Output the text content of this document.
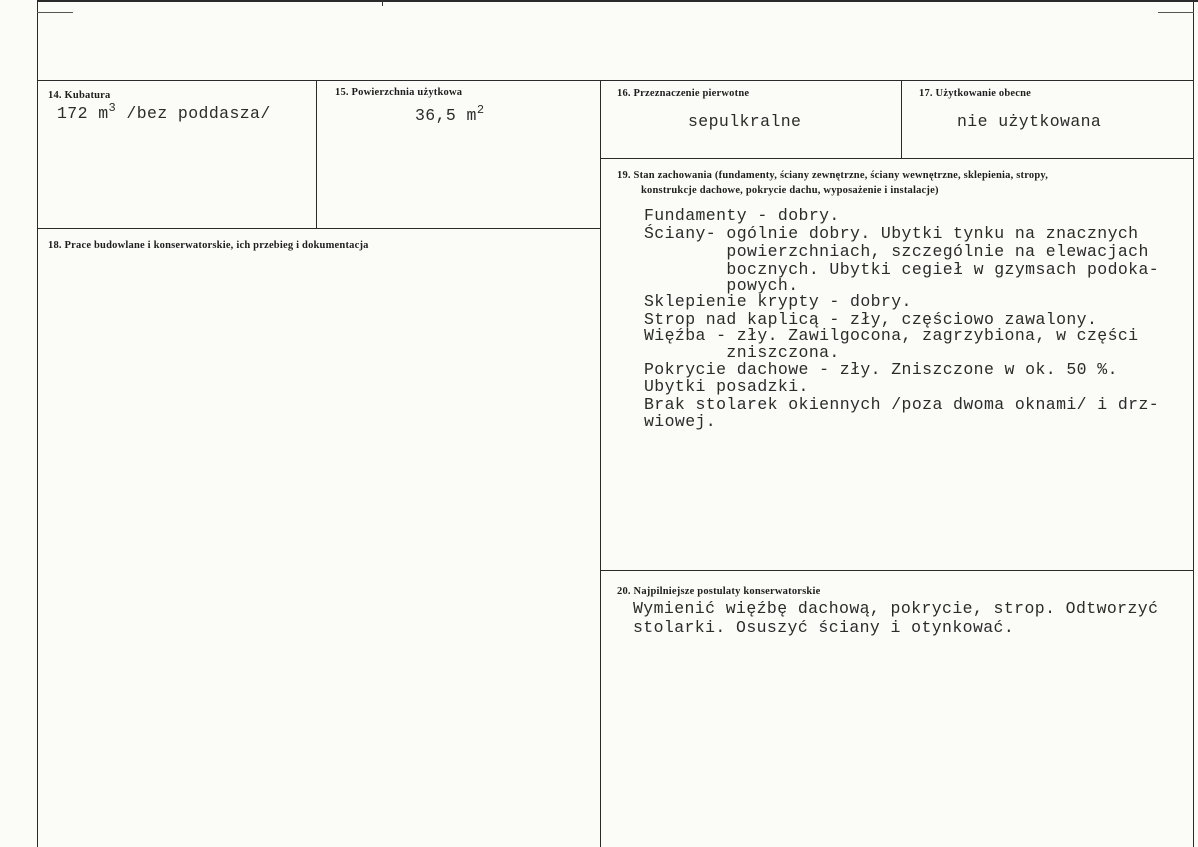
14. Kubatura
172 $m^3$ /bez poddasza/
15. Powierzchnia użytkowa
36,5 $m^2$
16. Przeznaczenie pierwotne
sepulkralne
17. Użytkowanie obecne
nie użytkowana
18. Prace budowlane i konserwatorskie, ich przebieg i dokumentacja
19. Stan zachowania (fundamenty, ściany zewnętrzne, ściany wewnętrzne, sklepienia, stropy,
konstrukcje dachowe, pokrycie dachu, wyposażenie i instalacje)
Fundamenty - dobry.
Ściany- ogólnie dobry. Ubytki tynku na znacznych
powierzchniach, szczególnie na elewacjach
bocznych. Ubytki cegieł w gzymsach podoka-
powych.
Sklepienie krypty - dobry.
Strop nad kaplicą - zły, częściowo zawalony.
Więźba - zły. Zawilgocona, zagrzybiona, w części
zniszczona.
Pokrycie dachowe - zły. Zniszczone w ok. 50 %.
Ubytki posadzki.
Brak stolarek okiennych /poza dwoma oknami/ i drz-
wiowej.
20. Najpilniejsze postulaty konserwatorskie
Wymienić więźbę dachową, pokrycie, strop. Odtworzyć
stolarki. Osuszyć ściany i otynkować.
